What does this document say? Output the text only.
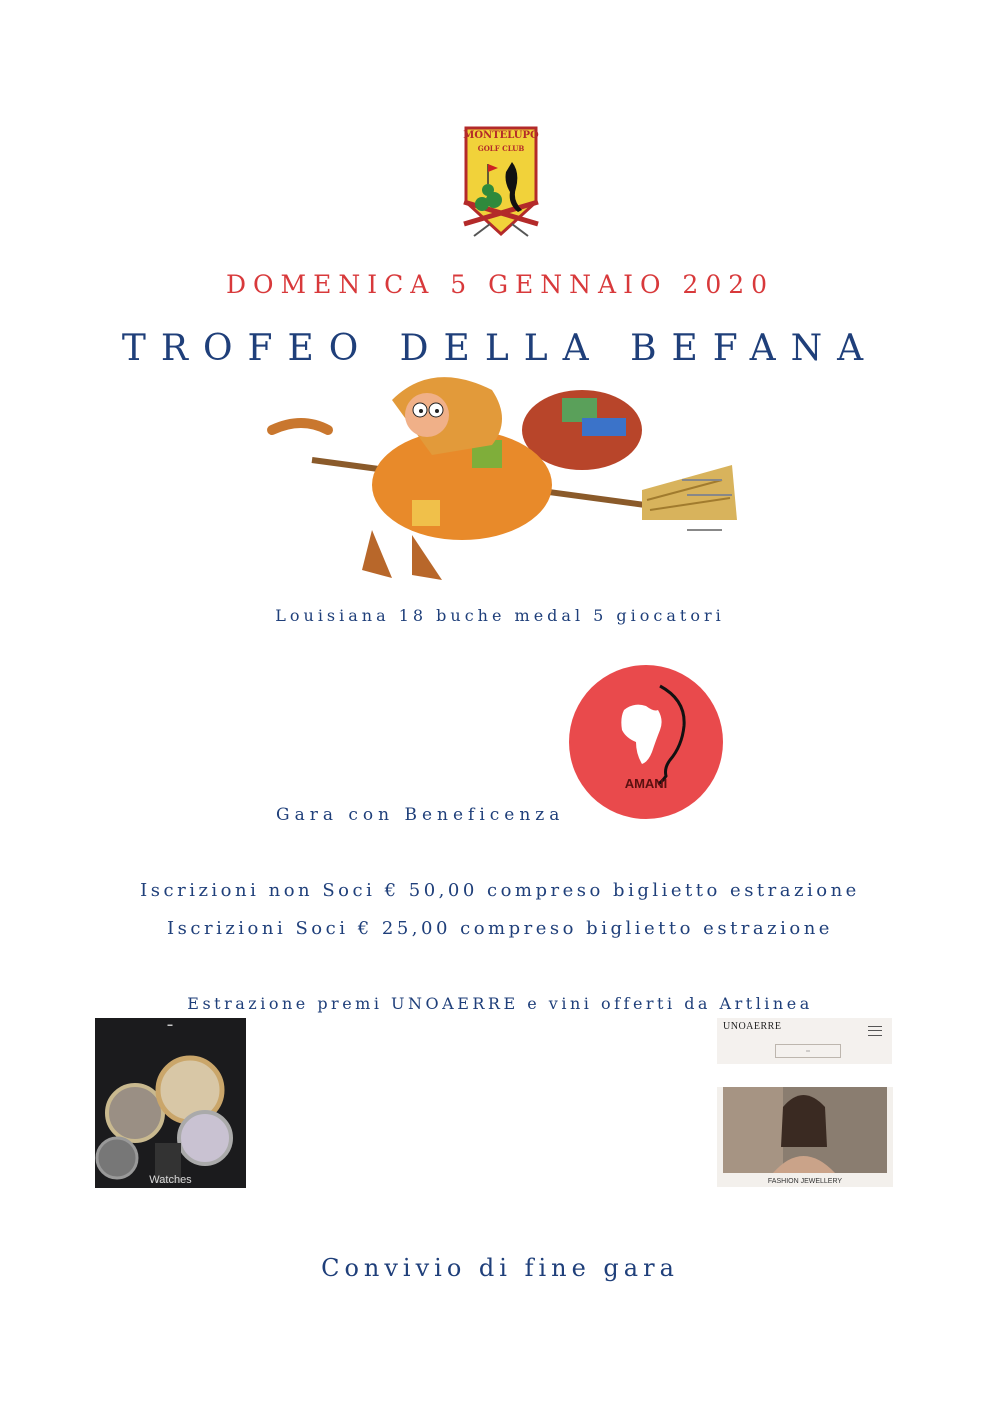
MONTELUPO
GOLF CLUB
DOMENICA 5 GENNAIO 2020
TROFEO DELLA BEFANA
Louisiana 18 buche medal 5 giocatori
AMANI
Gara con Beneficenza
Iscrizioni non Soci € 50,00 compreso biglietto estrazione
Iscrizioni Soci € 25,00 compreso biglietto estrazione
Estrazione premi UNOAERRE e vini offerti da Artlinea
▬
Watches
UNOAERRE
▭
FASHION JEWELLERY
Convivio di fine gara
